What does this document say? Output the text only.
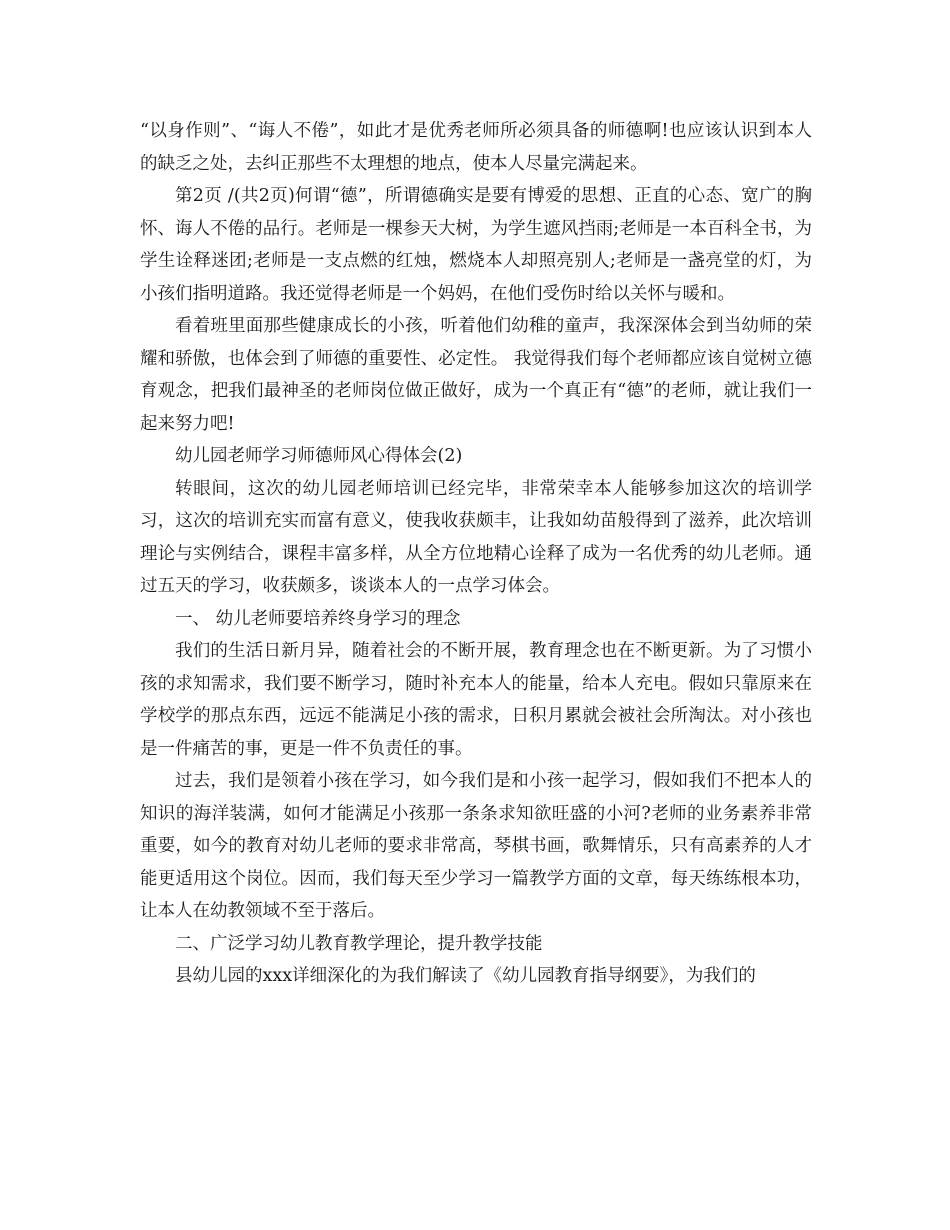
“以身作则”、“诲人不倦”，如此才是优秀老师所必须具备的师德啊!也应该认识到本人的缺乏之处，去纠正那些不太理想的地点，使本人尽量完满起来。

第2页 /(共2页)何谓“德”，所谓德确实是要有博爱的思想、正直的心态、宽广的胸怀、诲人不倦的品行。老师是一棵参天大树，为学生遮风挡雨;老师是一本百科全书，为学生诠释迷团;老师是一支点燃的红烛，燃烧本人却照亮别人;老师是一盏亮堂的灯，为小孩们指明道路。我还觉得老师是一个妈妈，在他们受伤时给以关怀与暖和。

看着班里面那些健康成长的小孩，听着他们幼稚的童声，我深深体会到当幼师的荣耀和骄傲，也体会到了师德的重要性、必定性。 我觉得我们每个老师都应该自觉树立德育观念，把我们最神圣的老师岗位做正做好，成为一个真正有“德”的老师，就让我们一起来努力吧!

幼儿园老师学习师德师风心得体会(2)

转眼间，这次的幼儿园老师培训已经完毕，非常荣幸本人能够参加这次的培训学习，这次的培训充实而富有意义，使我收获颇丰，让我如幼苗般得到了滋养，此次培训理论与实例结合，课程丰富多样，从全方位地精心诠释了成为一名优秀的幼儿老师。通过五天的学习，收获颇多，谈谈本人的一点学习体会。

一、 幼儿老师要培养终身学习的理念

我们的生活日新月异，随着社会的不断开展，教育理念也在不断更新。为了习惯小孩的求知需求，我们要不断学习，随时补充本人的能量，给本人充电。假如只靠原来在学校学的那点东西，远远不能满足小孩的需求，日积月累就会被社会所淘汰。对小孩也是一件痛苦的事，更是一件不负责任的事。

过去，我们是领着小孩在学习，如今我们是和小孩一起学习，假如我们不把本人的知识的海洋装满，如何才能满足小孩那一条条求知欲旺盛的小河?老师的业务素养非常重要，如今的教育对幼儿老师的要求非常高，琴棋书画，歌舞情乐，只有高素养的人才能更适用这个岗位。因而，我们每天至少学习一篇教学方面的文章，每天练练根本功，让本人在幼教领域不至于落后。

二、广泛学习幼儿教育教学理论，提升教学技能

县幼儿园的xxx详细深化的为我们解读了《幼儿园教育指导纲要》，为我们的
